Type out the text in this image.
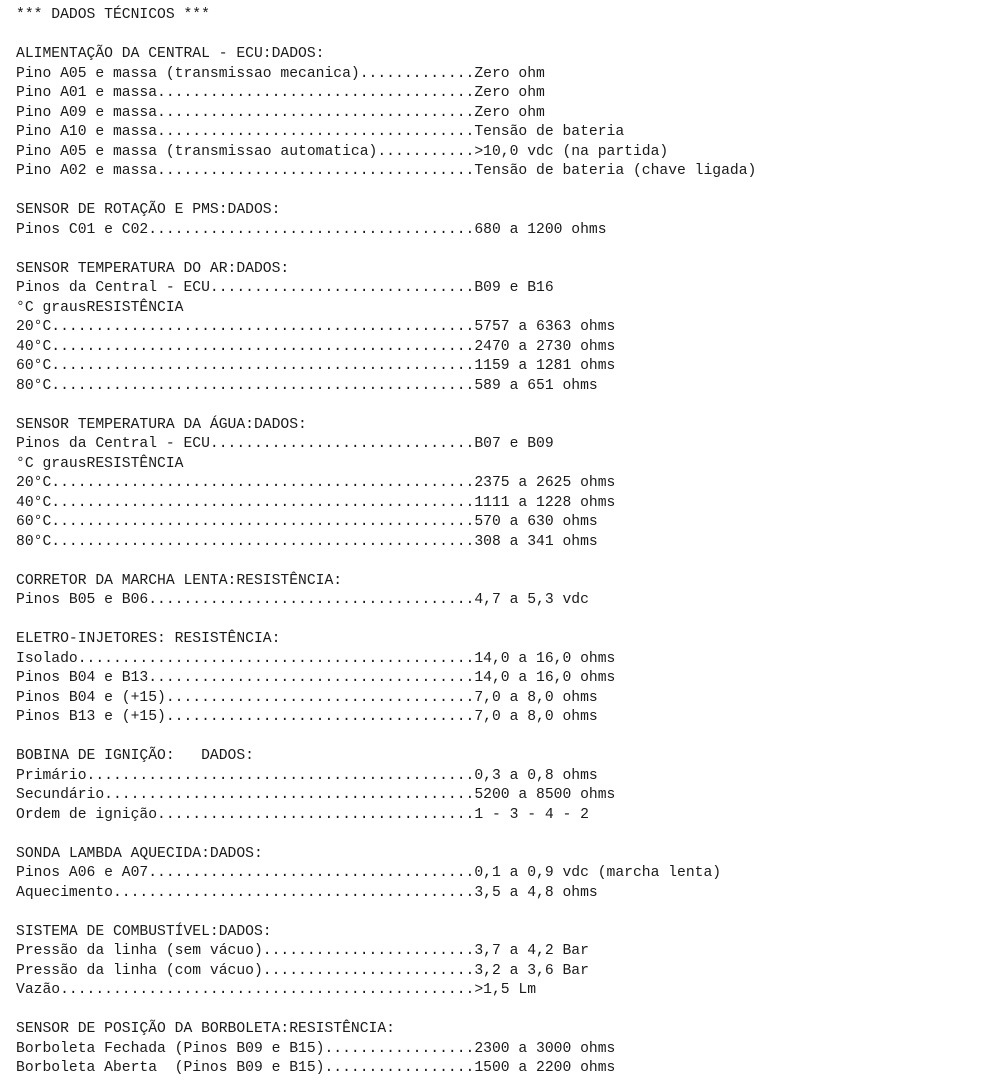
*** DADOS TÉCNICOS ***
ALIMENTAÇÃO DA CENTRAL - ECU:DADOS:
Pino A05 e massa (transmissao mecanica).............Zero ohm
Pino A01 e massa....................................Zero ohm
Pino A09 e massa....................................Zero ohm
Pino A10 e massa....................................Tensão de bateria
Pino A05 e massa (transmissao automatica)...........>10,0 vdc (na partida)
Pino A02 e massa....................................Tensão de bateria (chave ligada)
SENSOR DE ROTAÇÃO E PMS:DADOS:
Pinos C01 e C02.....................................680 a 1200 ohms
SENSOR TEMPERATURA DO AR:DADOS:
Pinos da Central - ECU..............................B09 e B16
°C grausRESISTÊNCIA
20°C................................................5757 a 6363 ohms
40°C................................................2470 a 2730 ohms
60°C................................................1159 a 1281 ohms
80°C................................................589 a 651 ohms
SENSOR TEMPERATURA DA ÁGUA:DADOS:
Pinos da Central - ECU..............................B07 e B09
°C grausRESISTÊNCIA
20°C................................................2375 a 2625 ohms
40°C................................................1111 a 1228 ohms
60°C................................................570 a 630 ohms
80°C................................................308 a 341 ohms
CORRETOR DA MARCHA LENTA:RESISTÊNCIA:
Pinos B05 e B06.....................................4,7 a 5,3 vdc
ELETRO-INJETORES: RESISTÊNCIA:
Isolado.............................................14,0 a 16,0 ohms
Pinos B04 e B13.....................................14,0 a 16,0 ohms
Pinos B04 e (+15)...................................7,0 a 8,0 ohms
Pinos B13 e (+15)...................................7,0 a 8,0 ohms
BOBINA DE IGNIÇÃO:   DADOS:
Primário............................................0,3 a 0,8 ohms
Secundário..........................................5200 a 8500 ohms
Ordem de ignição....................................1 - 3 - 4 - 2
SONDA LAMBDA AQUECIDA:DADOS:
Pinos A06 e A07.....................................0,1 a 0,9 vdc (marcha lenta)
Aquecimento.........................................3,5 a 4,8 ohms
SISTEMA DE COMBUSTÍVEL:DADOS:
Pressão da linha (sem vácuo)........................3,7 a 4,2 Bar
Pressão da linha (com vácuo)........................3,2 a 3,6 Bar
Vazão...............................................>1,5 Lm
SENSOR DE POSIÇÃO DA BORBOLETA:RESISTÊNCIA:
Borboleta Fechada (Pinos B09 e B15).................2300 a 3000 ohms
Borboleta Aberta  (Pinos B09 e B15).................1500 a 2200 ohms
